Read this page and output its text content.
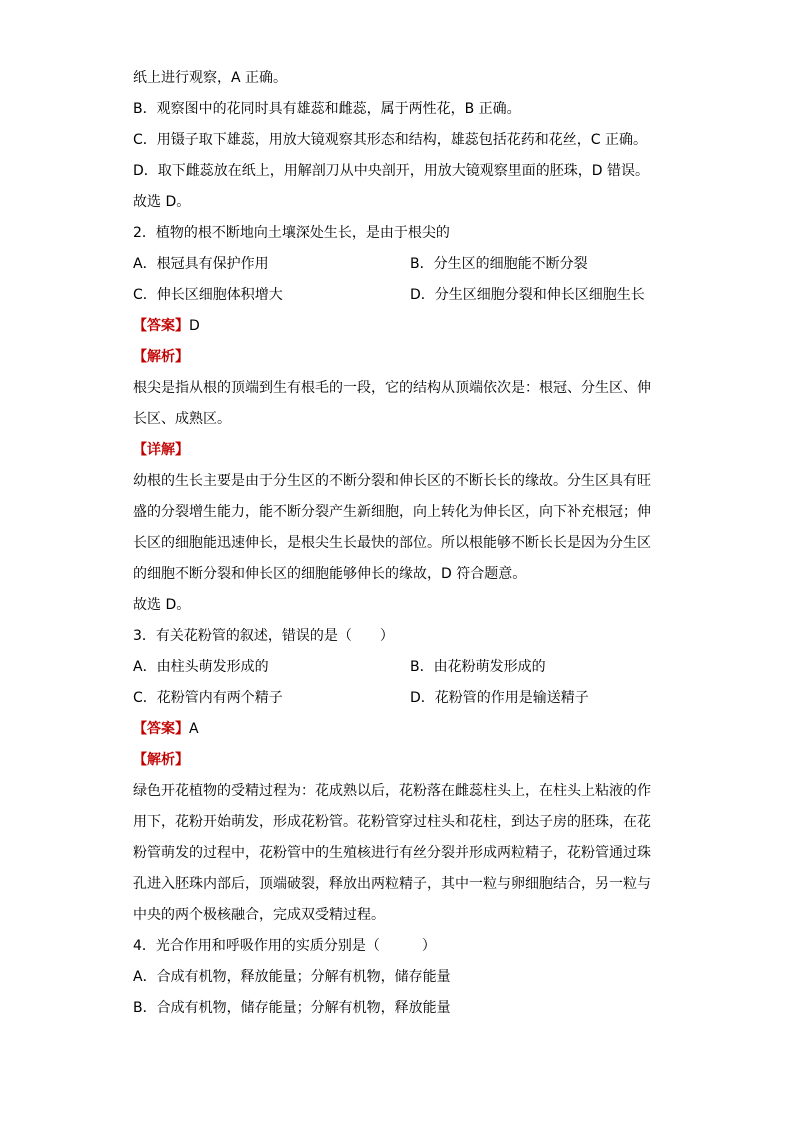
纸上进行观察，A 正确。
B．观察图中的花同时具有雄蕊和雌蕊，属于两性花，B 正确。
C．用镊子取下雄蕊，用放大镜观察其形态和结构，雄蕊包括花药和花丝，C 正确。
D．取下雌蕊放在纸上，用解剖刀从中央剖开，用放大镜观察里面的胚珠，D 错误。
故选 D。
2．植物的根不断地向土壤深处生长，是由于根尖的
A．根冠具有保护作用	B．分生区的细胞能不断分裂
C．伸长区细胞体积增大	D．分生区细胞分裂和伸长区细胞生长
【答案】D
【解析】
根尖是指从根的顶端到生有根毛的一段，它的结构从顶端依次是：根冠、分生区、伸
长区、成熟区。
【详解】
幼根的生长主要是由于分生区的不断分裂和伸长区的不断长长的缘故。分生区具有旺
盛的分裂增生能力，能不断分裂产生新细胞，向上转化为伸长区，向下补充根冠；伸
长区的细胞能迅速伸长，是根尖生长最快的部位。所以根能够不断长长是因为分生区
的细胞不断分裂和伸长区的细胞能够伸长的缘故，D 符合题意。
故选 D。
3．有关花粉管的叙述，错误的是（　　）
A．由柱头萌发形成的	B．由花粉萌发形成的
C．花粉管内有两个精子	D．花粉管的作用是输送精子
【答案】A
【解析】
绿色开花植物的受精过程为：花成熟以后，花粉落在雌蕊柱头上，在柱头上粘液的作
用下，花粉开始萌发，形成花粉管。花粉管穿过柱头和花柱，到达子房的胚珠，在花
粉管萌发的过程中，花粉管中的生殖核进行有丝分裂并形成两粒精子，花粉管通过珠
孔进入胚珠内部后，顶端破裂，释放出两粒精子，其中一粒与卵细胞结合，另一粒与
中央的两个极核融合，完成双受精过程。
4．光合作用和呼吸作用的实质分别是（　　　）
A．合成有机物，释放能量；分解有机物，储存能量
B．合成有机物，储存能量；分解有机物，释放能量
